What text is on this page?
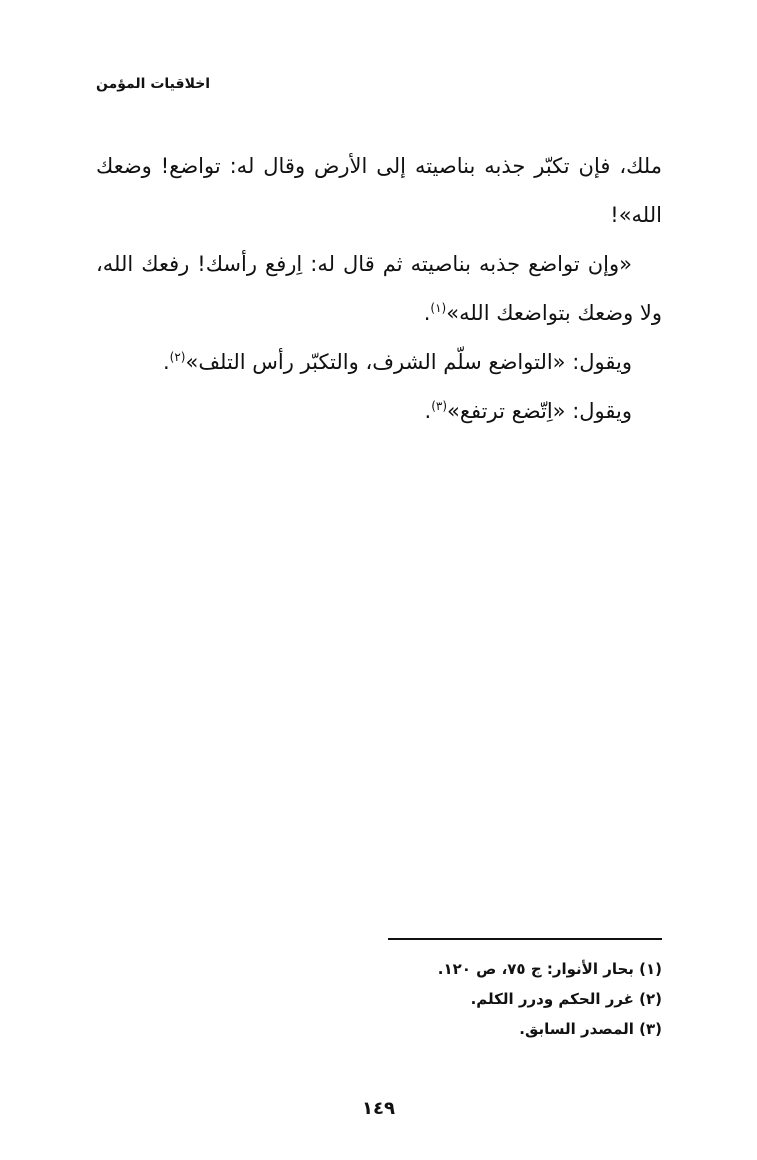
اخلاقيات المؤمن

ملك، فإن تكبّر جذبه بناصيته إلى الأرض وقال له: تواضع! وضعك الله»!

«وإن تواضع جذبه بناصيته ثم قال له: اِرفع رأسك! رفعك الله، ولا وضعك بتواضعك الله»$^{(١)}$.

ويقول: «التواضع سلّم الشرف، والتكبّر رأس التلف»$^{(٢)}$.

ويقول: «اِتّضع ترتفع»$^{(٣)}$.

(١) بحار الأنوار: ج ٧٥، ص ١٢٠.

(٢) غرر الحكم ودرر الكلم.

(٣) المصدر السابق.

١٤٩
